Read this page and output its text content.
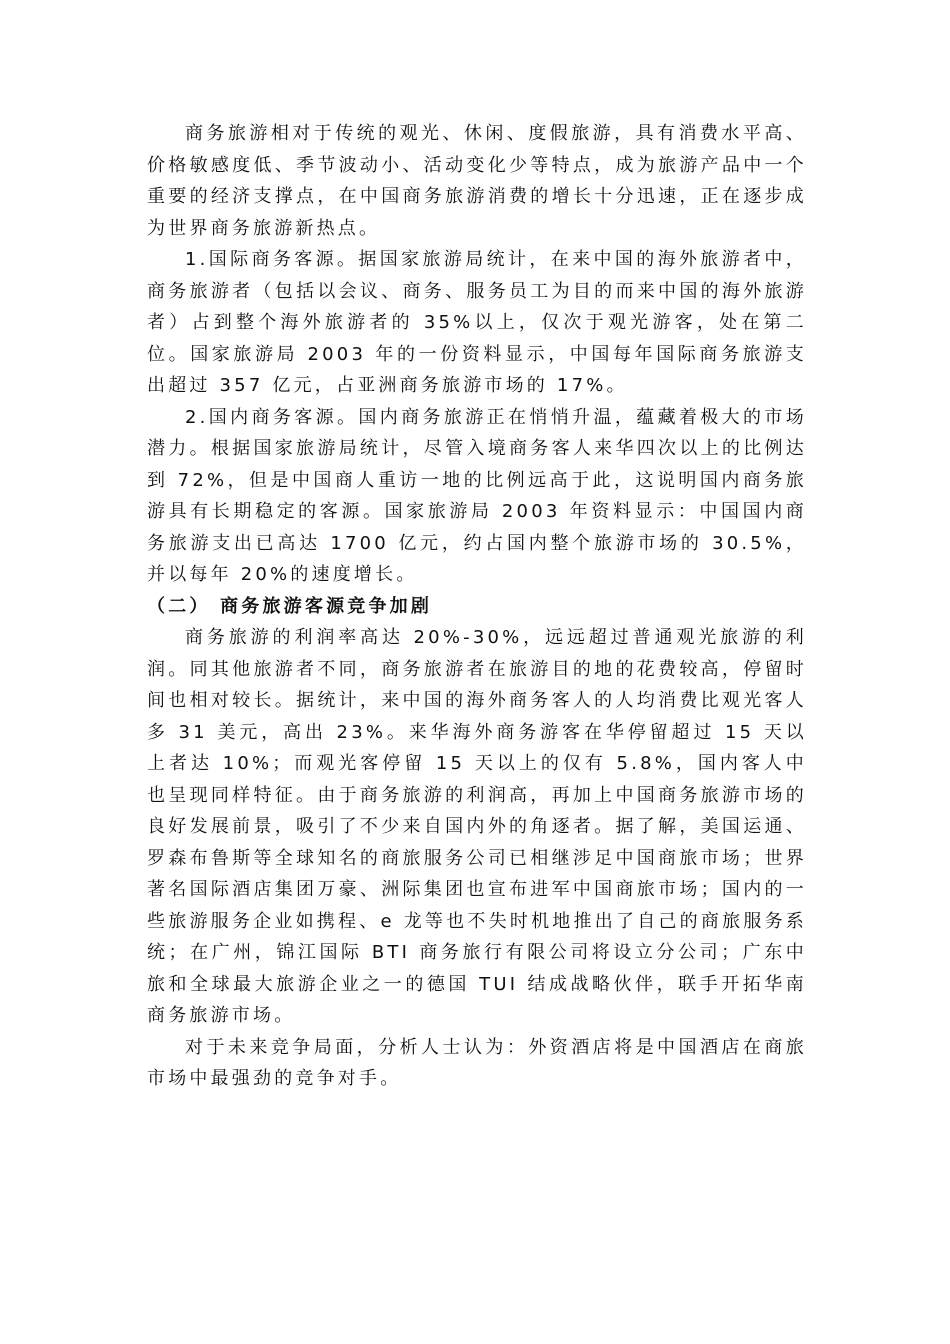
商务旅游相对于传统的观光、休闲、度假旅游，具有消费水平高、价格敏感度低、季节波动小、活动变化少等特点，成为旅游产品中一个重要的经济支撑点，在中国商务旅游消费的增长十分迅速，正在逐步成为世界商务旅游新热点。

1.国际商务客源。据国家旅游局统计，在来中国的海外旅游者中，商务旅游者（包括以会议、商务、服务员工为目的而来中国的海外旅游者）占到整个海外旅游者的 35%以上，仅次于观光游客，处在第二位。国家旅游局 2003 年的一份资料显示，中国每年国际商务旅游支出超过 357 亿元，占亚洲商务旅游市场的 17%。

2.国内商务客源。国内商务旅游正在悄悄升温，蕴藏着极大的市场潜力。根据国家旅游局统计，尽管入境商务客人来华四次以上的比例达到 72%，但是中国商人重访一地的比例远高于此，这说明国内商务旅游具有长期稳定的客源。国家旅游局 2003 年资料显示：中国国内商务旅游支出已高达 1700 亿元，约占国内整个旅游市场的 30.5%，并以每年 20%的速度增长。

（二） 商务旅游客源竞争加剧

商务旅游的利润率高达 20%-30%，远远超过普通观光旅游的利润。同其他旅游者不同，商务旅游者在旅游目的地的花费较高，停留时间也相对较长。据统计，来中国的海外商务客人的人均消费比观光客人多 31 美元，高出 23%。来华海外商务游客在华停留超过 15 天以上者达 10%；而观光客停留 15 天以上的仅有 5.8%，国内客人中也呈现同样特征。由于商务旅游的利润高，再加上中国商务旅游市场的良好发展前景，吸引了不少来自国内外的角逐者。据了解，美国运通、罗森布鲁斯等全球知名的商旅服务公司已相继涉足中国商旅市场；世界著名国际酒店集团万豪、洲际集团也宣布进军中国商旅市场；国内的一些旅游服务企业如携程、e 龙等也不失时机地推出了自己的商旅服务系统；在广州，锦江国际 BTI 商务旅行有限公司将设立分公司；广东中旅和全球最大旅游企业之一的德国 TUI 结成战略伙伴，联手开拓华南商务旅游市场。

对于未来竞争局面，分析人士认为：外资酒店将是中国酒店在商旅市场中最强劲的竞争对手。
